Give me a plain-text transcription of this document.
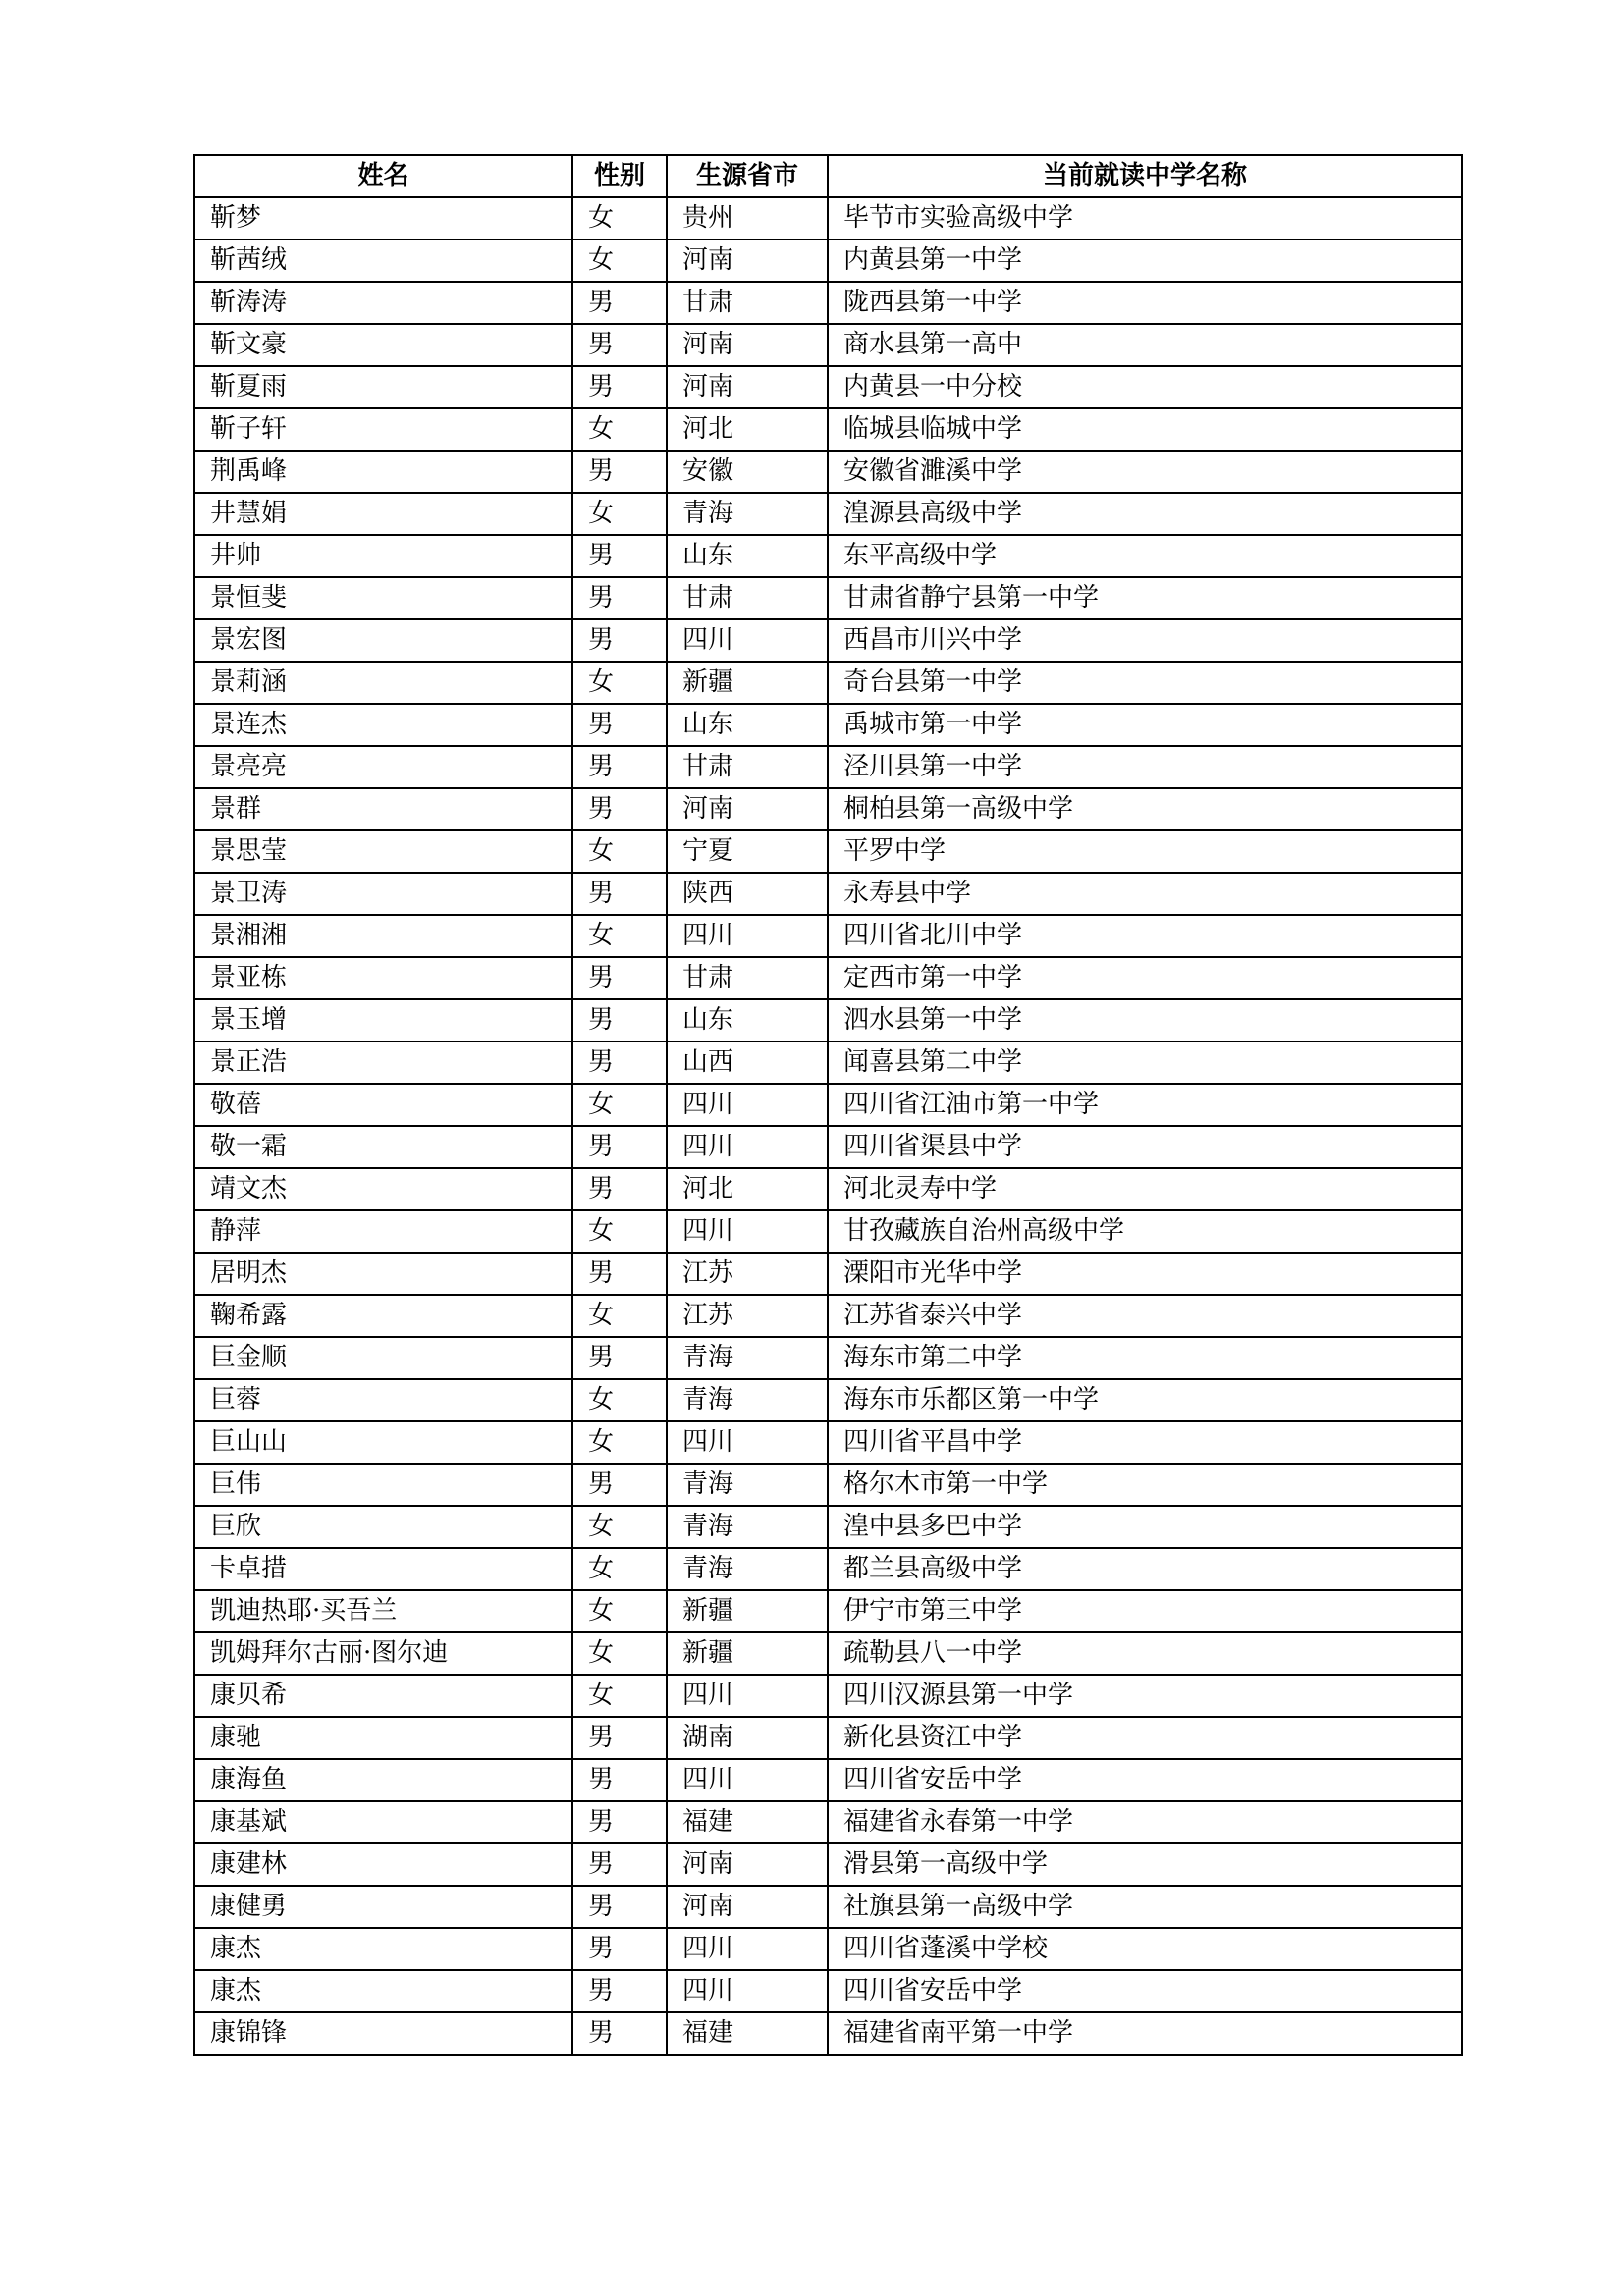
姓名	性别	生源省市	当前就读中学名称
靳梦	女	贵州	毕节市实验高级中学
靳茜绒	女	河南	内黄县第一中学
靳涛涛	男	甘肃	陇西县第一中学
靳文豪	男	河南	商水县第一高中
靳夏雨	男	河南	内黄县一中分校
靳子轩	女	河北	临城县临城中学
荆禹峰	男	安徽	安徽省濉溪中学
井慧娟	女	青海	湟源县高级中学
井帅	男	山东	东平高级中学
景恒斐	男	甘肃	甘肃省静宁县第一中学
景宏图	男	四川	西昌市川兴中学
景莉涵	女	新疆	奇台县第一中学
景连杰	男	山东	禹城市第一中学
景亮亮	男	甘肃	泾川县第一中学
景群	男	河南	桐柏县第一高级中学
景思莹	女	宁夏	平罗中学
景卫涛	男	陕西	永寿县中学
景湘湘	女	四川	四川省北川中学
景亚栋	男	甘肃	定西市第一中学
景玉增	男	山东	泗水县第一中学
景正浩	男	山西	闻喜县第二中学
敬蓓	女	四川	四川省江油市第一中学
敬一霜	男	四川	四川省渠县中学
靖文杰	男	河北	河北灵寿中学
静萍	女	四川	甘孜藏族自治州高级中学
居明杰	男	江苏	溧阳市光华中学
鞠希露	女	江苏	江苏省泰兴中学
巨金顺	男	青海	海东市第二中学
巨蓉	女	青海	海东市乐都区第一中学
巨山山	女	四川	四川省平昌中学
巨伟	男	青海	格尔木市第一中学
巨欣	女	青海	湟中县多巴中学
卡卓措	女	青海	都兰县高级中学
凯迪热耶·买吾兰	女	新疆	伊宁市第三中学
凯姆拜尔古丽·图尔迪	女	新疆	疏勒县八一中学
康贝希	女	四川	四川汉源县第一中学
康驰	男	湖南	新化县资江中学
康海鱼	男	四川	四川省安岳中学
康基斌	男	福建	福建省永春第一中学
康建林	男	河南	滑县第一高级中学
康健勇	男	河南	社旗县第一高级中学
康杰	男	四川	四川省蓬溪中学校
康杰	男	四川	四川省安岳中学
康锦锋	男	福建	福建省南平第一中学
